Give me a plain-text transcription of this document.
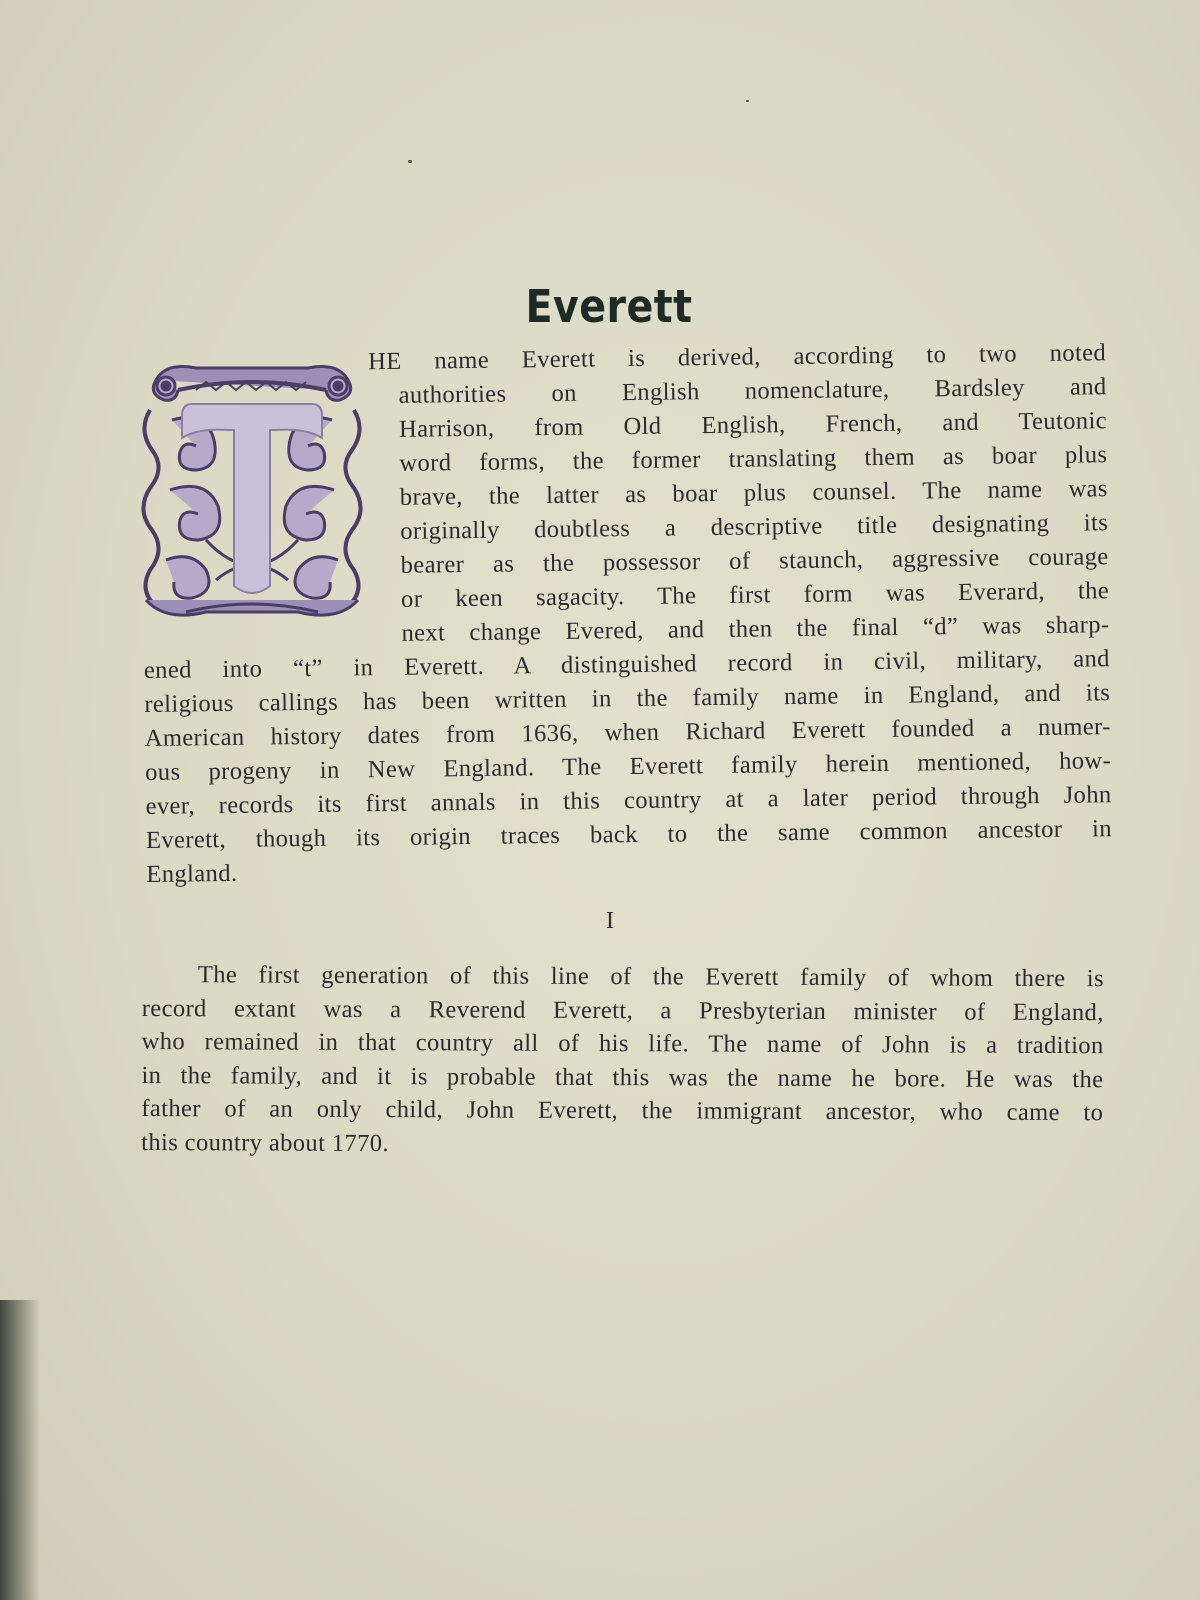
Everett
HE name Everett is derived, according to two noted
authorities on English nomenclature, Bardsley and
Harrison, from Old English, French, and Teutonic
word forms, the former translating them as boar plus
brave, the latter as boar plus counsel. The name was
originally doubtless a descriptive title designating its
bearer as the possessor of staunch, aggressive courage
or keen sagacity. The first form was Everard, the
next change Evered, and then the final “d” was sharp-
ened into “t” in Everett. A distinguished record in civil, military, and
religious callings has been written in the family name in England, and its
American history dates from 1636, when Richard Everett founded a numer-
ous progeny in New England. The Everett family herein mentioned, how-
ever, records its first annals in this country at a later period through John
Everett, though its origin traces back to the same common ancestor in
England.
I
The first generation of this line of the Everett family of whom there is
record extant was a Reverend Everett, a Presbyterian minister of England,
who remained in that country all of his life. The name of John is a tradition
in the family, and it is probable that this was the name he bore. He was the
father of an only child, John Everett, the immigrant ancestor, who came to
this country about 1770.
